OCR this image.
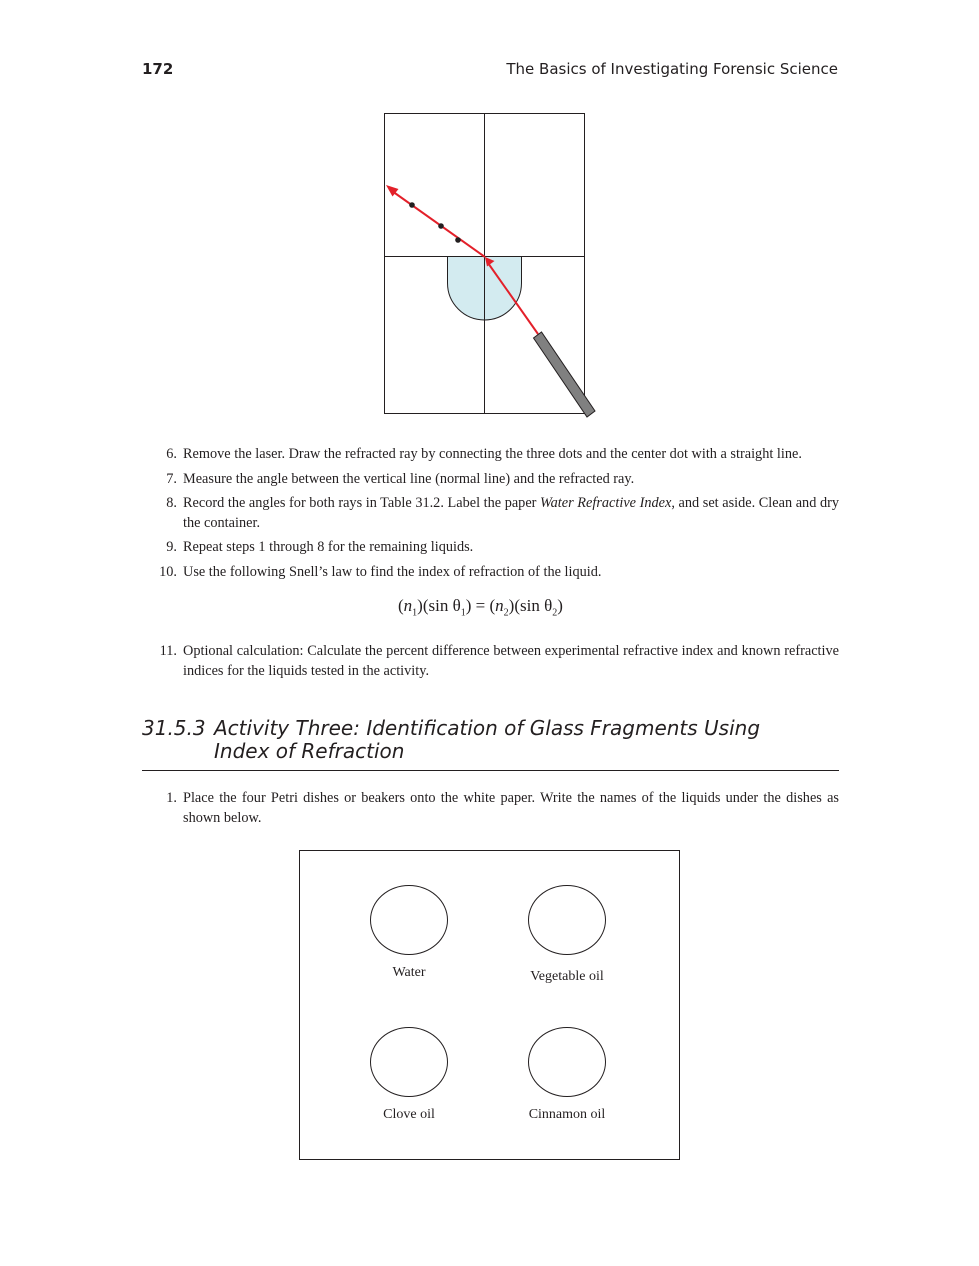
172	The Basics of Investigating Forensic Science
6. Remove the laser. Draw the refracted ray by connecting the three dots and the center dot with a straight line.
7. Measure the angle between the vertical line (normal line) and the refracted ray.
8. Record the angles for both rays in Table 31.2. Label the paper Water Refractive Index, and set aside. Clean and dry the container.
9. Repeat steps 1 through 8 for the remaining liquids.
10. Use the following Snell’s law to find the index of refraction of the liquid.
$(n_1)(\sin$ $\theta_1) = (n_2)(\sin$ $\theta_2$)
11. Optional calculation: Calculate the percent difference between experimental refractive index and known refractive indices for the liquids tested in the activity.
31.5.3 Activity Three: Identification of Glass Fragments Using Index of Refraction
1. Place the four Petri dishes or beakers onto the white paper. Write the names of the liquids under the dishes as shown below.
Water	Vegetable oil
Clove oil	Cinnamon oil
